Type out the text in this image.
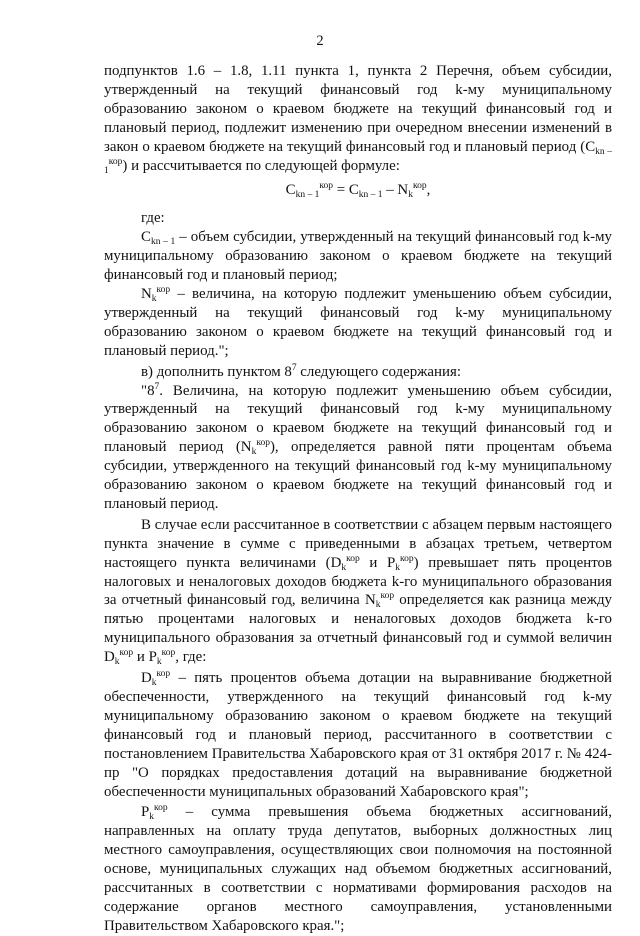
2

подпунктов 1.6 – 1.8, 1.11 пункта 1, пункта 2 Перечня, объем субсидии, утвержденный на текущий финансовый год k-му муниципальному образованию законом о краевом бюджете на текущий финансовый год и плановый период, подлежит изменению при очередном внесении изменений в закон о краевом бюджете на текущий финансовый год и плановый период $(С_{kn - 1}^{кор})$ и рассчитывается по следующей формуле:

$С_{kn - 1}^{кор} = С_{kn - 1} - N_k^{кор}$,

где:

$С_{kn - 1}$ – объем субсидии, утвержденный на текущий финансовый год k-му муниципальному образованию законом о краевом бюджете на текущий финансовый год и плановый период;

$N_k^{кор}$ – величина, на которую подлежит уменьшению объем субсидии, утвержденный на текущий финансовый год k-му муниципальному образованию законом о краевом бюджете на текущий финансовый год и плановый период.";

в) дополнить пунктом $8^7$ следующего содержания:

"$8^7$. Величина, на которую подлежит уменьшению объем субсидии, утвержденный на текущий финансовый год k-му муниципальному образованию законом о краевом бюджете на текущий финансовый год и плановый период $(N_k^{кор})$, определяется равной пяти процентам объема субсидии, утвержденного на текущий финансовый год k-му муниципальному образованию законом о краевом бюджете на текущий финансовый год и плановый период.

В случае если рассчитанное в соответствии с абзацем первым настоящего пункта значение в сумме с приведенными в абзацах третьем, четвертом настоящего пункта величинами ($D_k^{кор}$ и $P_k^{кор}$) превышает пять процентов налоговых и неналоговых доходов бюджета k-го муниципального образования за отчетный финансовый год, величина $N_k^{кор}$ определяется как разница между пятью процентами налоговых и неналоговых доходов бюджета k-го муниципального образования за отчетный финансовый год и суммой величин $D_k^{кор}$ и $P_k^{кор}$, где:

$D_k^{кор}$ – пять процентов объема дотации на выравнивание бюджетной обеспеченности, утвержденного на текущий финансовый год k-му муниципальному образованию законом о краевом бюджете на текущий финансовый год и плановый период, рассчитанного в соответствии с постановлением Правительства Хабаровского края от 31 октября 2017 г. № 424-пр "О порядках предоставления дотаций на выравнивание бюджетной обеспеченности муниципальных образований Хабаровского края";

$P_k^{кор}$ – сумма превышения объема бюджетных ассигнований, направленных на оплату труда депутатов, выборных должностных лиц местного самоуправления, осуществляющих свои полномочия на постоянной основе, муниципальных служащих над объемом бюджетных ассигнований, рассчитанных в соответствии с нормативами формирования расходов на содержание органов местного самоуправления, установленными Правительством Хабаровского края.";
